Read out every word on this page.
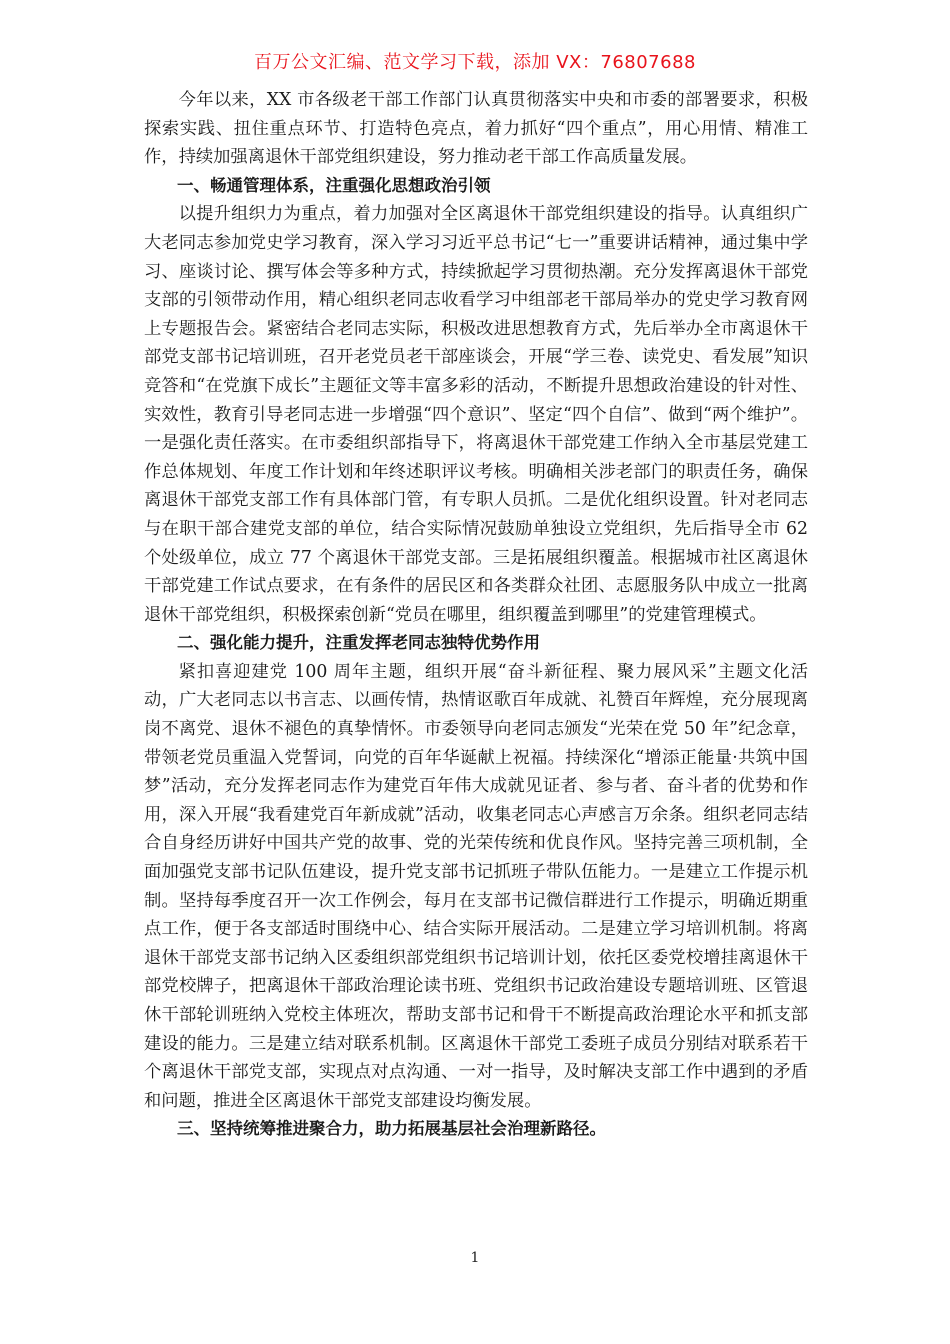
百万公文汇编、范文学习下载，添加 VX：76807688

今年以来，XX 市各级老干部工作部门认真贯彻落实中央和市委的部署要求，积极探索实践、扭住重点环节、打造特色亮点，着力抓好“四个重点”，用心用情、精准工作，持续加强离退休干部党组织建设，努力推动老干部工作高质量发展。

一、畅通管理体系，注重强化思想政治引领

以提升组织力为重点，着力加强对全区离退休干部党组织建设的指导。认真组织广大老同志参加党史学习教育，深入学习习近平总书记“七一”重要讲话精神，通过集中学习、座谈讨论、撰写体会等多种方式，持续掀起学习贯彻热潮。充分发挥离退休干部党支部的引领带动作用，精心组织老同志收看学习中组部老干部局举办的党史学习教育网上专题报告会。紧密结合老同志实际，积极改进思想教育方式，先后举办全市离退休干部党支部书记培训班，召开老党员老干部座谈会，开展“学三卷、读党史、看发展”知识竞答和“在党旗下成长”主题征文等丰富多彩的活动，不断提升思想政治建设的针对性、实效性，教育引导老同志进一步增强“四个意识”、坚定“四个自信”、做到“两个维护”。一是强化责任落实。在市委组织部指导下，将离退休干部党建工作纳入全市基层党建工作总体规划、年度工作计划和年终述职评议考核。明确相关涉老部门的职责任务，确保离退休干部党支部工作有具体部门管，有专职人员抓。二是优化组织设置。针对老同志与在职干部合建党支部的单位，结合实际情况鼓励单独设立党组织，先后指导全市 62 个处级单位，成立 77 个离退休干部党支部。三是拓展组织覆盖。根据城市社区离退休干部党建工作试点要求，在有条件的居民区和各类群众社团、志愿服务队中成立一批离退休干部党组织，积极探索创新“党员在哪里，组织覆盖到哪里”的党建管理模式。

二、强化能力提升，注重发挥老同志独特优势作用

紧扣喜迎建党 100 周年主题，组织开展“奋斗新征程、聚力展风采”主题文化活动，广大老同志以书言志、以画传情，热情讴歌百年成就、礼赞百年辉煌，充分展现离岗不离党、退休不褪色的真挚情怀。市委领导向老同志颁发“光荣在党 50 年”纪念章，带领老党员重温入党誓词，向党的百年华诞献上祝福。持续深化“增添正能量·共筑中国梦”活动，充分发挥老同志作为建党百年伟大成就见证者、参与者、奋斗者的优势和作用，深入开展“我看建党百年新成就”活动，收集老同志心声感言万余条。组织老同志结合自身经历讲好中国共产党的故事、党的光荣传统和优良作风。坚持完善三项机制，全面加强党支部书记队伍建设，提升党支部书记抓班子带队伍能力。一是建立工作提示机制。坚持每季度召开一次工作例会，每月在支部书记微信群进行工作提示，明确近期重点工作，便于各支部适时围绕中心、结合实际开展活动。二是建立学习培训机制。将离退休干部党支部书记纳入区委组织部党组织书记培训计划，依托区委党校增挂离退休干部党校牌子，把离退休干部政治理论读书班、党组织书记政治建设专题培训班、区管退休干部轮训班纳入党校主体班次，帮助支部书记和骨干不断提高政治理论水平和抓支部建设的能力。三是建立结对联系机制。区离退休干部党工委班子成员分别结对联系若干个离退休干部党支部，实现点对点沟通、一对一指导，及时解决支部工作中遇到的矛盾和问题，推进全区离退休干部党支部建设均衡发展。

三、坚持统筹推进聚合力，助力拓展基层社会治理新路径。

1
